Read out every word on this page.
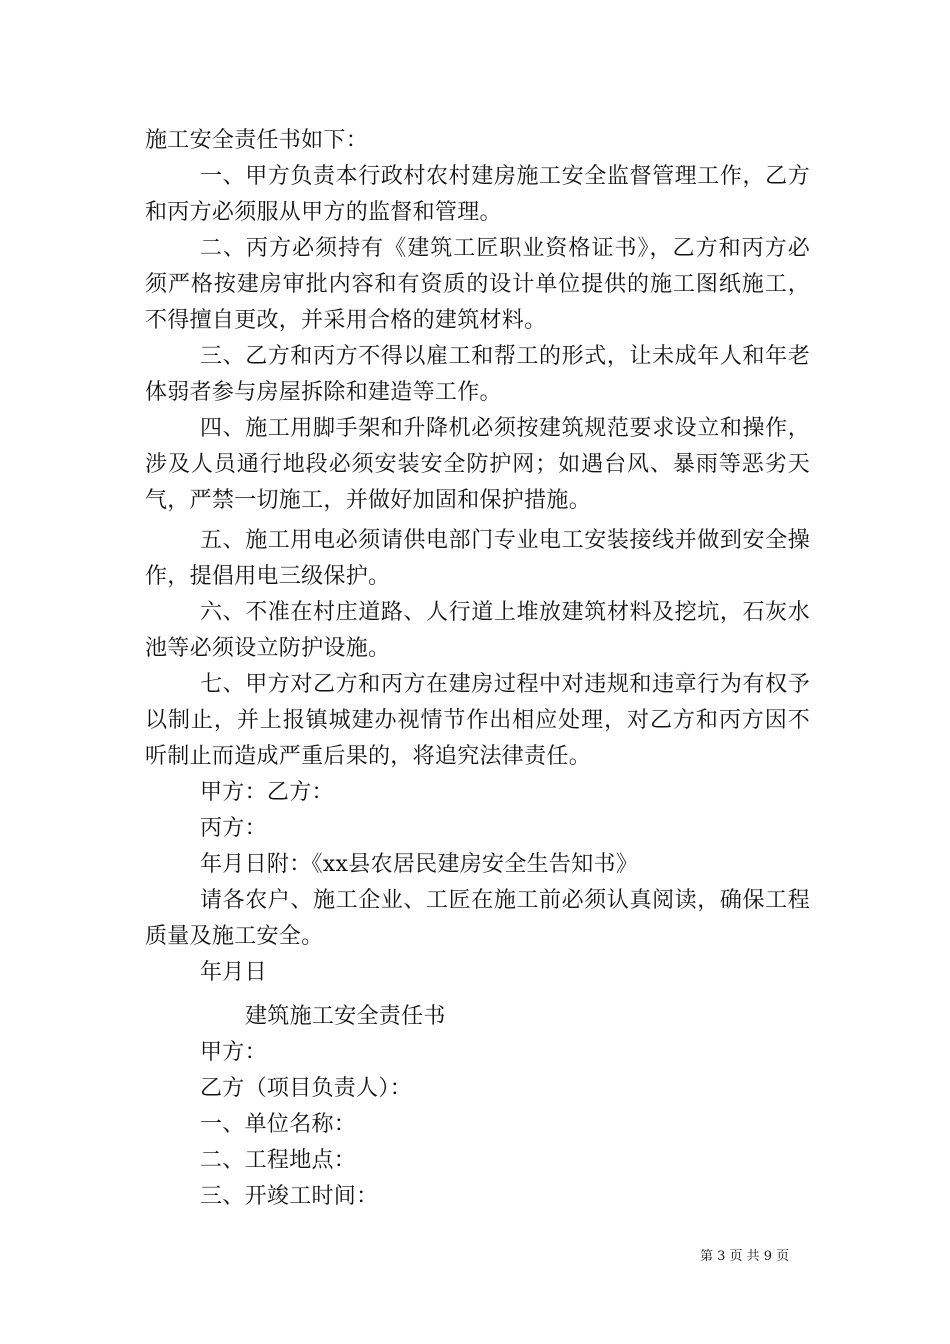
施工安全责任书如下：
一、甲方负责本行政村农村建房施工安全监督管理工作，乙方
和丙方必须服从甲方的监督和管理。
二、丙方必须持有《建筑工匠职业资格证书》，乙方和丙方必
须严格按建房审批内容和有资质的设计单位提供的施工图纸施工，
不得擅自更改，并采用合格的建筑材料。
三、乙方和丙方不得以雇工和帮工的形式，让未成年人和年老
体弱者参与房屋拆除和建造等工作。
四、施工用脚手架和升降机必须按建筑规范要求设立和操作，
涉及人员通行地段必须安装安全防护网；如遇台风、暴雨等恶劣天
气，严禁一切施工，并做好加固和保护措施。
五、施工用电必须请供电部门专业电工安装接线并做到安全操
作，提倡用电三级保护。
六、不准在村庄道路、人行道上堆放建筑材料及挖坑，石灰水
池等必须设立防护设施。
七、甲方对乙方和丙方在建房过程中对违规和违章行为有权予
以制止，并上报镇城建办视情节作出相应处理，对乙方和丙方因不
听制止而造成严重后果的，将追究法律责任。
甲方：乙方：
丙方：
年月日附：《xx县农居民建房安全生告知书》
请各农户、施工企业、工匠在施工前必须认真阅读，确保工程
质量及施工安全。
年月日
建筑施工安全责任书
甲方：
乙方（项目负责人）：
一、单位名称：
二、工程地点：
三、开竣工时间：
第 3 页 共 9 页
